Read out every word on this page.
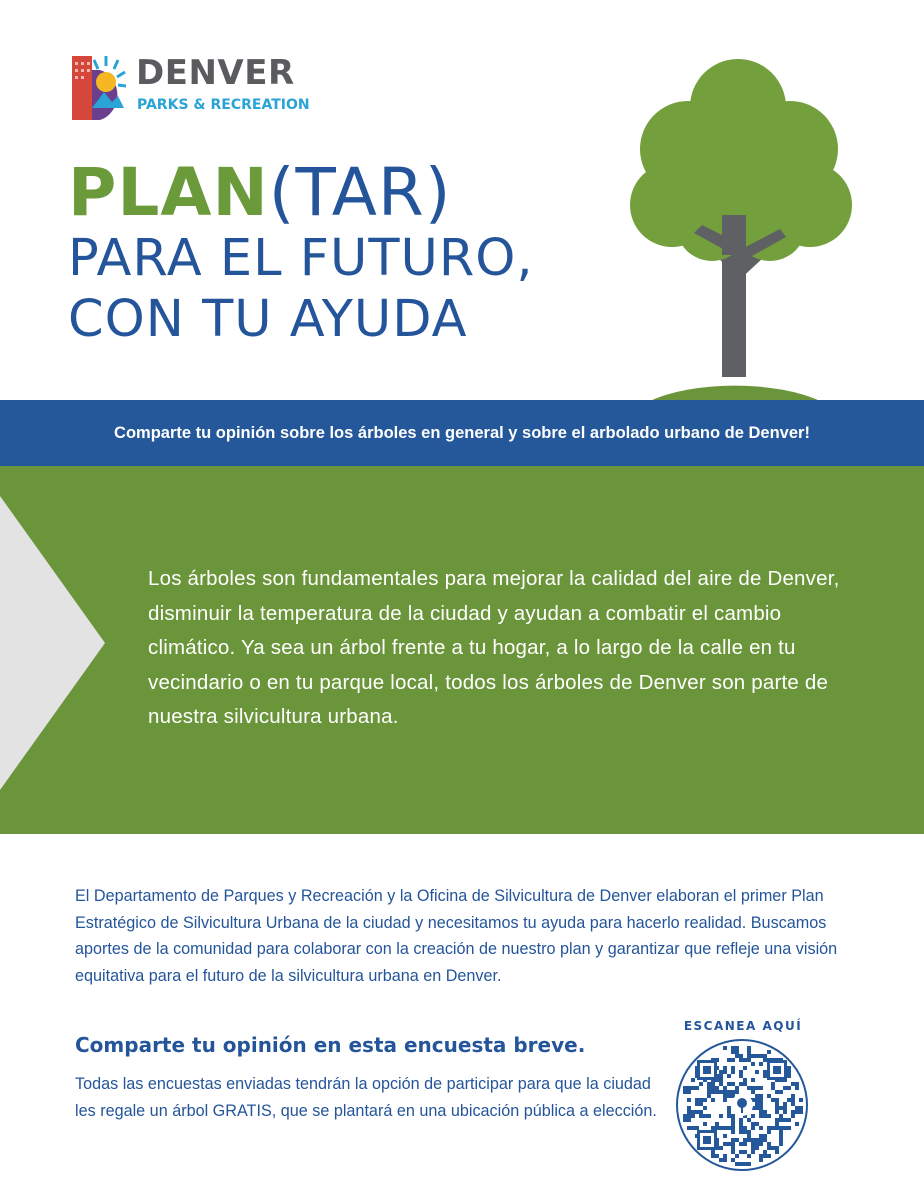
DENVER
PARKS & RECREATION
PLAN(TAR)
PARA EL FUTURO,
CON TU AYUDA
Comparte tu opinión sobre los árboles en general y sobre el arbolado urbano de Denver!

Los árboles son fundamentales para mejorar la calidad del aire de Denver, disminuir la temperatura de la ciudad y ayudan a combatir el cambio climático. Ya sea un árbol frente a tu hogar, a lo largo de la calle en tu vecindario o en tu parque local, todos los árboles de Denver son parte de nuestra silvicultura urbana.

El Departamento de Parques y Recreación y la Oficina de Silvicultura de Denver elaboran el primer Plan Estratégico de Silvicultura Urbana de la ciudad y necesitamos tu ayuda para hacerlo realidad. Buscamos aportes de la comunidad para colaborar con la creación de nuestro plan y garantizar que refleje una visión equitativa para el futuro de la silvicultura urbana en Denver.

Comparte tu opinión en esta encuesta breve.

Todas las encuestas enviadas tendrán la opción de participar para que la ciudad les regale un árbol GRATIS, que se plantará en una ubicación pública a elección.

ESCANEA AQUÍ
